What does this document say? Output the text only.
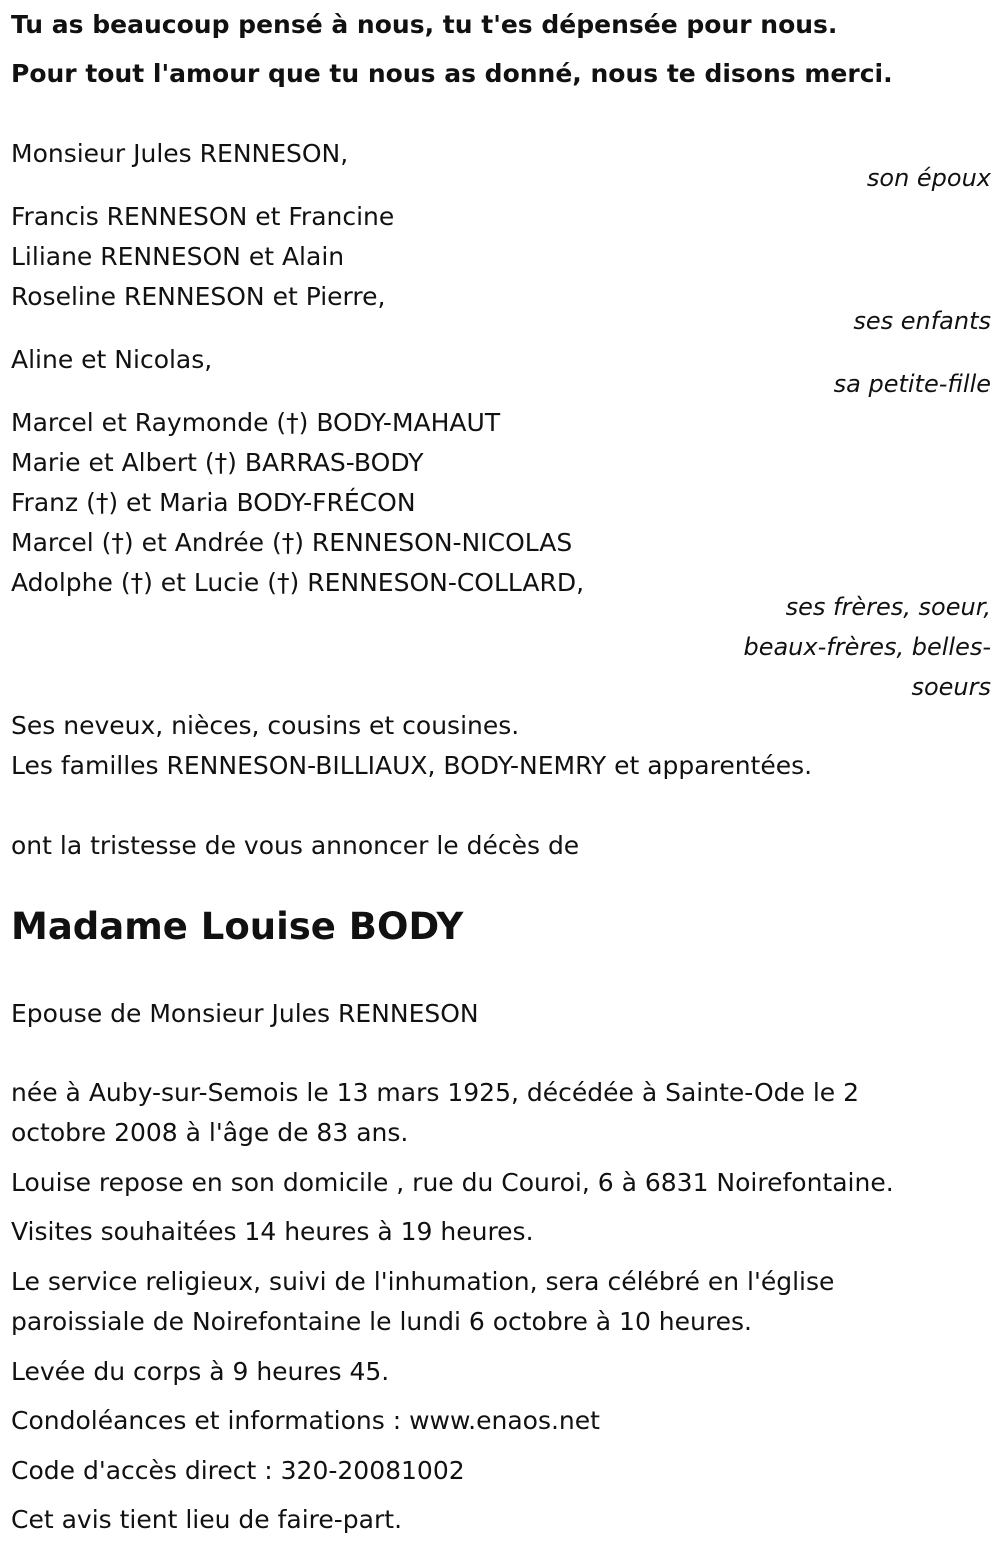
Tu as beaucoup pensé à nous, tu t'es dépensée pour nous.
Pour tout l'amour que tu nous as donné, nous te disons merci.
Monsieur Jules RENNESON,
son époux
Francis RENNESON et Francine
Liliane RENNESON et Alain
Roseline RENNESON et Pierre,
ses enfants
Aline et Nicolas,
sa petite-fille
Marcel et Raymonde (†) BODY-MAHAUT
Marie et Albert (†) BARRAS-BODY
Franz (†) et Maria BODY-FRÉCON
Marcel (†) et Andrée (†) RENNESON-NICOLAS
Adolphe (†) et Lucie (†) RENNESON-COLLARD,
ses frères, soeur,
beaux-frères, belles-
soeurs
Ses neveux, nièces, cousins et cousines.
Les familles RENNESON-BILLIAUX, BODY-NEMRY et apparentées.
ont la tristesse de vous annoncer le décès de
Madame Louise BODY
Epouse de Monsieur Jules RENNESON
née à Auby-sur-Semois le 13 mars 1925, décédée à Sainte-Ode le 2
octobre 2008 à l'âge de 83 ans.
Louise repose en son domicile , rue du Couroi, 6 à 6831 Noirefontaine.
Visites souhaitées 14 heures à 19 heures.
Le service religieux, suivi de l'inhumation, sera célébré en l'église
paroissiale de Noirefontaine le lundi 6 octobre à 10 heures.
Levée du corps à 9 heures 45.
Condoléances et informations : www.enaos.net
Code d'accès direct : 320-20081002
Cet avis tient lieu de faire-part.
